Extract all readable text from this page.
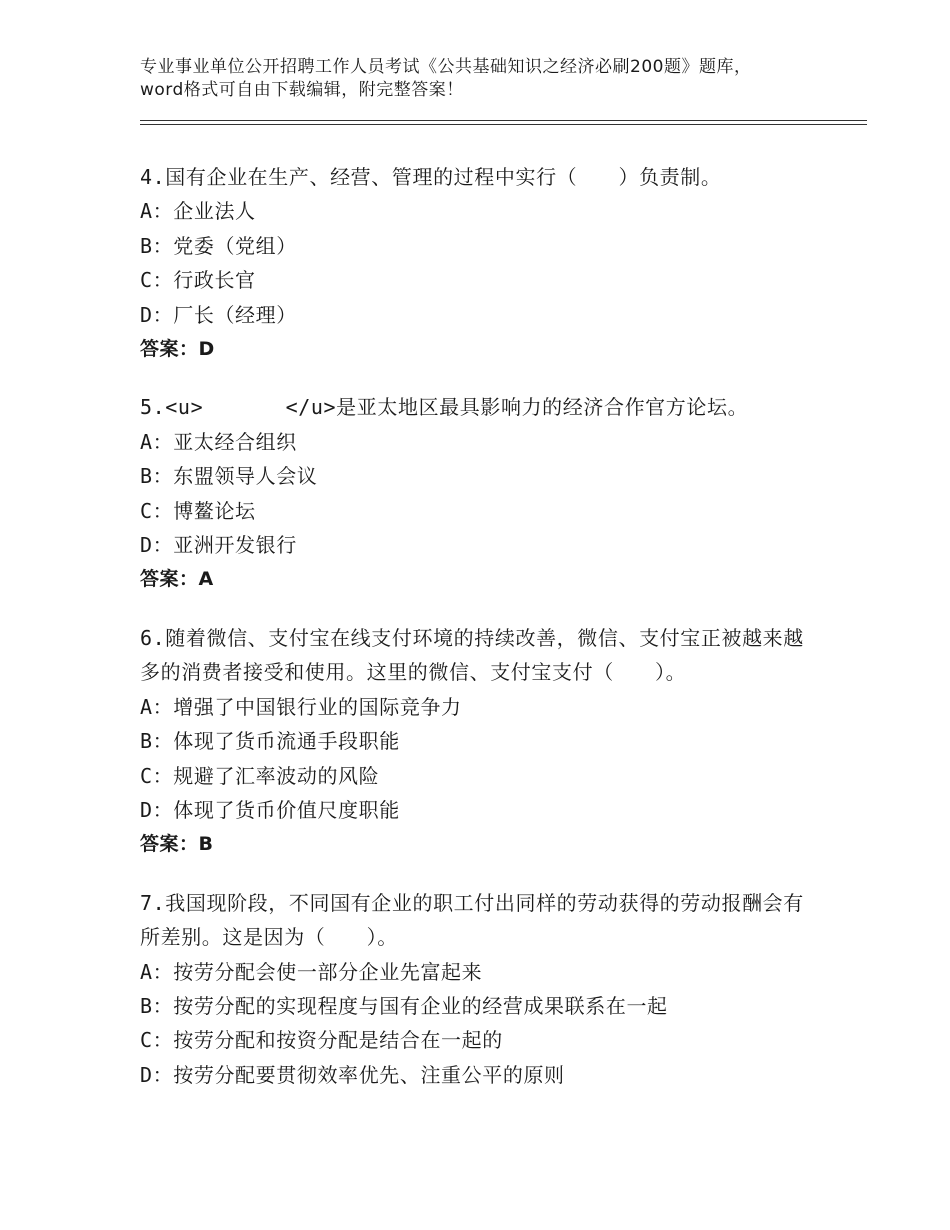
专业事业单位公开招聘工作人员考试《公共基础知识之经济必刷200题》题库，word格式可自由下载编辑，附完整答案！
4.国有企业在生产、经营、管理的过程中实行（　　）负责制。
A：企业法人
B：党委（党组）
C：行政长官
D：厂长（经理）
答案：D
5.<u>　　　　</u>是亚太地区最具影响力的经济合作官方论坛。
A：亚太经合组织
B：东盟领导人会议
C：博鳌论坛
D：亚洲开发银行
答案：A
6.随着微信、支付宝在线支付环境的持续改善，微信、支付宝正被越来越多的消费者接受和使用。这里的微信、支付宝支付（　　）。
A：增强了中国银行业的国际竞争力
B：体现了货币流通手段职能
C：规避了汇率波动的风险
D：体现了货币价值尺度职能
答案：B
7.我国现阶段，不同国有企业的职工付出同样的劳动获得的劳动报酬会有所差别。这是因为（　　）。
A：按劳分配会使一部分企业先富起来
B：按劳分配的实现程度与国有企业的经营成果联系在一起
C：按劳分配和按资分配是结合在一起的
D：按劳分配要贯彻效率优先、注重公平的原则
